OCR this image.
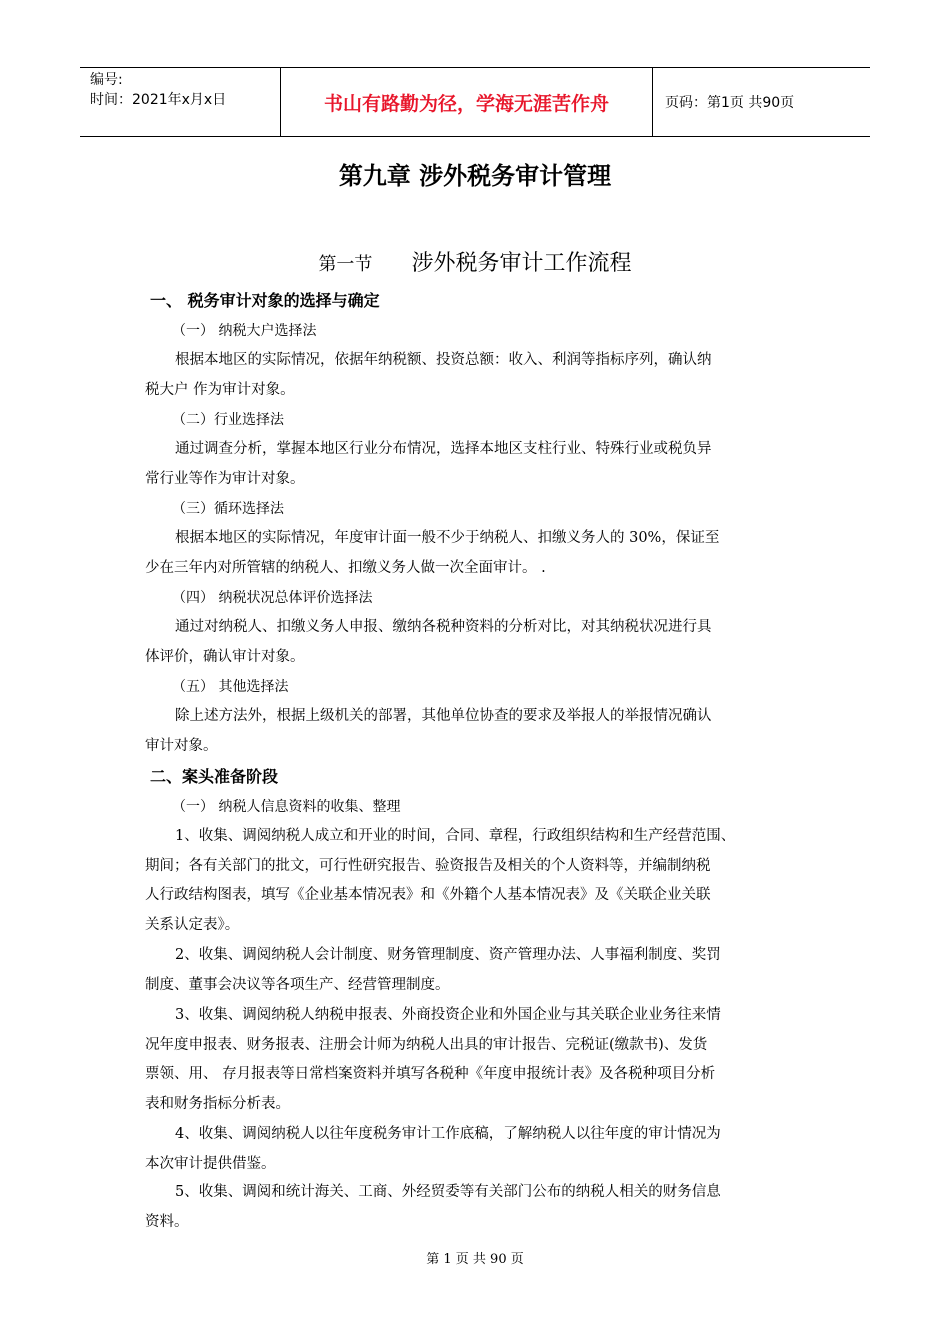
编号:
时间：2021年x月x日	书山有路勤为径，学海无涯苦作舟	页码：第1页 共90页
第九章 涉外税务审计管理
第一节 涉外税务审计工作流程
一、 税务审计对象的选择与确定
（一） 纳税大户选择法
根据本地区的实际情况，依据年纳税额、投资总额：收入、利润等指标序列，确认纳
税大户 作为审计对象。
（二）行业选择法
通过调查分析，掌握本地区行业分布情况，选择本地区支柱行业、特殊行业或税负异
常行业等作为审计对象。
（三）循环选择法
根据本地区的实际情况，年度审计面一般不少于纳税人、扣缴义务人的 30%，保证至
少在三年内对所管辖的纳税人、扣缴义务人做一次全面审计。 .
（四） 纳税状况总体评价选择法
通过对纳税人、扣缴义务人申报、缴纳各税种资料的分析对比，对其纳税状况进行具
体评价，确认审计对象。
（五） 其他选择法
除上述方法外，根据上级机关的部署，其他单位协查的要求及举报人的举报情况确认
审计对象。
二、案头准备阶段
（一） 纳税人信息资料的收集、整理
1、收集、调阅纳税人成立和开业的时间，合同、章程，行政组织结构和生产经营范围、
期间；各有关部门的批文，可行性研究报告、验资报告及相关的个人资料等，并编制纳税
人行政结构图表，填写《企业基本情况表》和《外籍个人基本情况表》及《关联企业关联
关系认定表》。
2、收集、调阅纳税人会计制度、财务管理制度、资产管理办法、人事福利制度、奖罚
制度、董事会决议等各项生产、经营管理制度。
3、收集、调阅纳税人纳税申报表、外商投资企业和外国企业与其关联企业业务往来情
况年度申报表、财务报表、注册会计师为纳税人出具的审计报告、完税证(缴款书)、发货
票领、用、 存月报表等日常档案资料并填写各税种《年度申报统计表》及各税种项目分析
表和财务指标分析表。
4、收集、调阅纳税人以往年度税务审计工作底稿，了解纳税人以往年度的审计情况为
本次审计提供借鉴。
5、收集、调阅和统计海关、工商、外经贸委等有关部门公布的纳税人相关的财务信息
资料。
第 1 页 共 90 页
